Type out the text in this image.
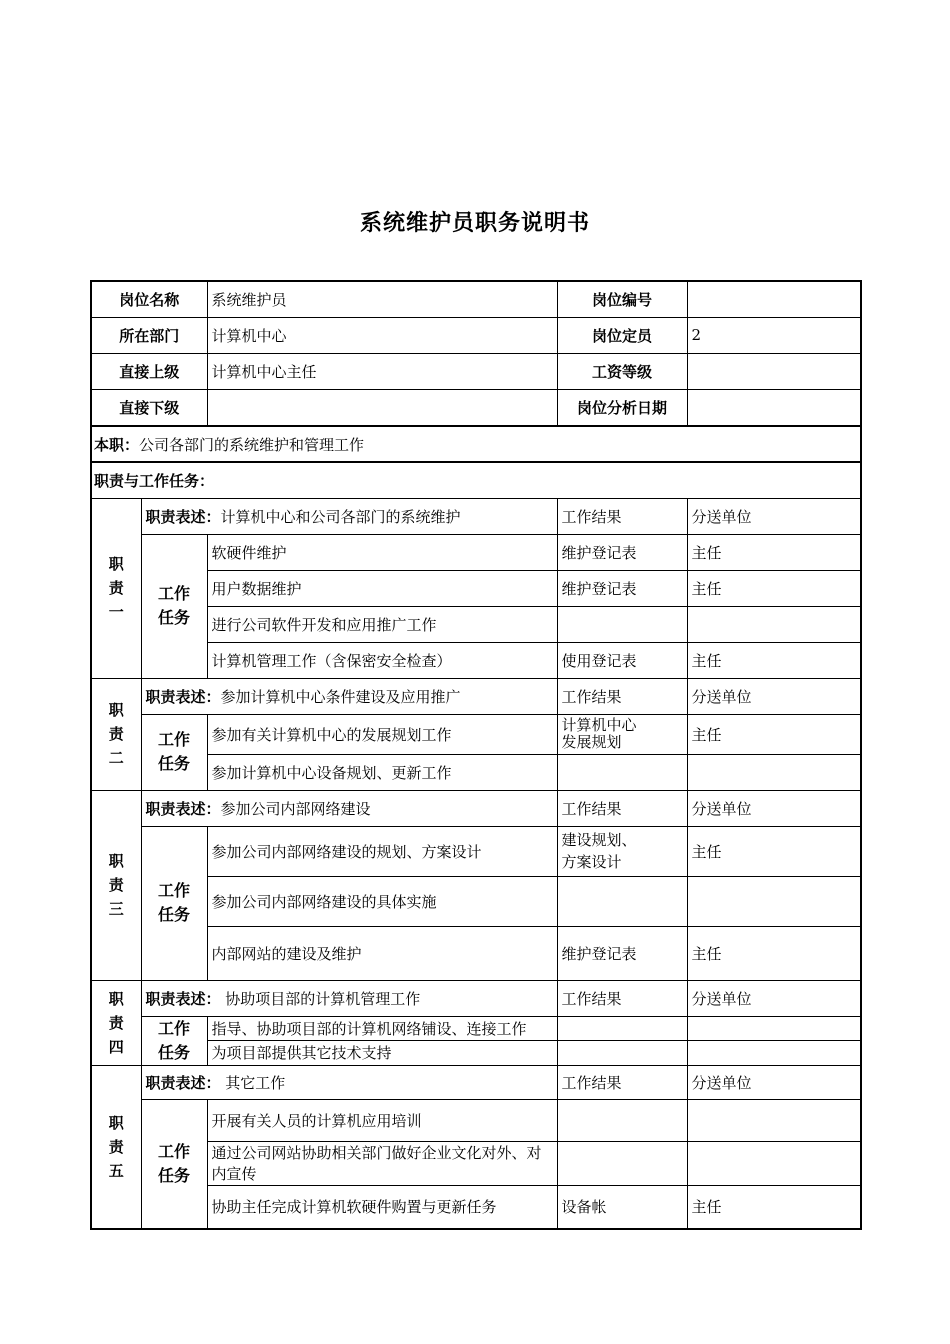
系统维护员职务说明书
岗位名称		系统维护员	岗位编号	
所在部门		计算机中心	岗位定员	2
直接上级		计算机中心主任	工资等级	
直接下级			岗位分析日期	
本职：公司各部门的系统维护和管理工作				
职责与工作任务：				
职
责
一	职责表述：计算机中心和公司各部门的系统维护		工作结果	分送单位
	工作
任务	软硬件维护	维护登记表	主任
		用户数据维护	维护登记表	主任
		进行公司软件开发和应用推广工作		
		计算机管理工作（含保密安全检查）	使用登记表	主任
职
责
二	职责表述：参加计算机中心条件建设及应用推广		工作结果	分送单位
	工作
任务	参加有关计算机中心的发展规划工作	计算机中心
发展规划	主任
		参加计算机中心设备规划、更新工作		
职
责
三	职责表述：参加公司内部网络建设		工作结果	分送单位
	工作
任务	参加公司内部网络建设的规划、方案设计	建设规划、
方案设计	主任
		参加公司内部网络建设的具体实施		
		内部网站的建设及维护	维护登记表	主任
职
责
四	职责表述： 协助项目部的计算机管理工作		工作结果	分送单位
	工作
任务	指导、协助项目部的计算机网络铺设、连接工作		
		为项目部提供其它技术支持		
职
责
五	职责表述： 其它工作		工作结果	分送单位
	工作
任务	开展有关人员的计算机应用培训		
		通过公司网站协助相关部门做好企业文化对外、对内宣传		
		协助主任完成计算机软硬件购置与更新任务	设备帐	主任
